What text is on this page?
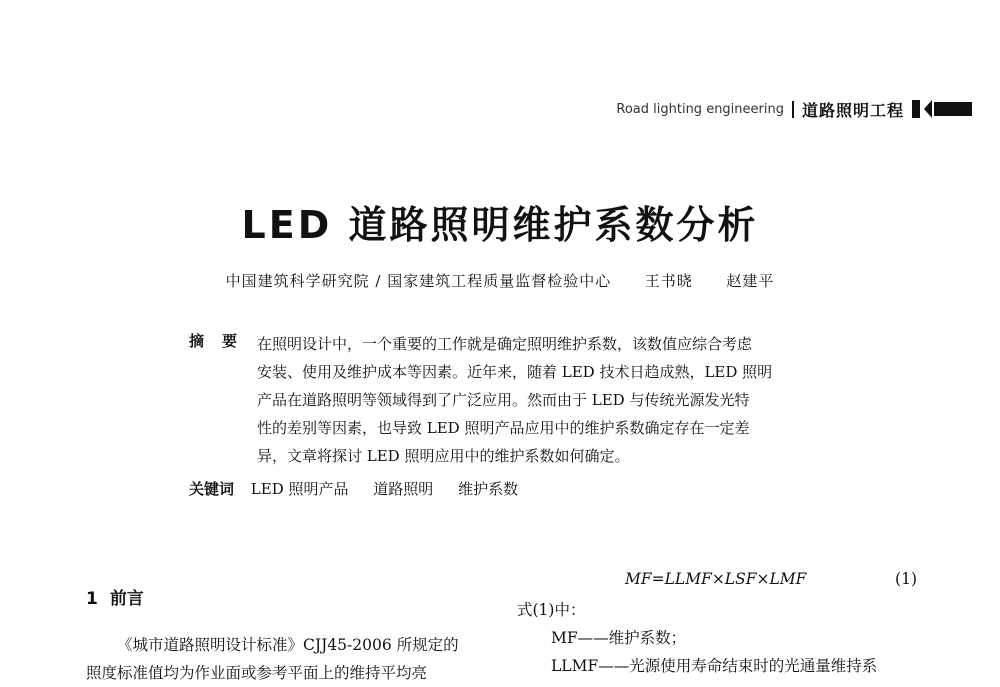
Road lighting engineering 道路照明工程
LED 道路照明维护系数分析
中国建筑科学研究院 / 国家建筑工程质量监督检验中心 王书晓 赵建平
摘要 在照明设计中，一个重要的工作就是确定照明维护系数，该数值应综合考虑

安装、使用及维护成本等因素。近年来，随着 LED 技术日趋成熟，LED 照明

产品在道路照明等领域得到了广泛应用。然而由于 LED 与传统光源发光特

性的差别等因素，也导致 LED 照明产品应用中的维护系数确定存在一定差

异，文章将探讨 LED 照明应用中的维护系数如何确定。

关键词 LED 照明产品 道路照明 维护系数
1 前言

《城市道路照明设计标准》CJJ45-2006 所规定的

照度标准值均为作业面或参考平面上的维持平均亮

MF=LLMF×LSF×LMF	(1)

式(1)中：

MF——维护系数；

LLMF——光源使用寿命结束时的光通量维持系
